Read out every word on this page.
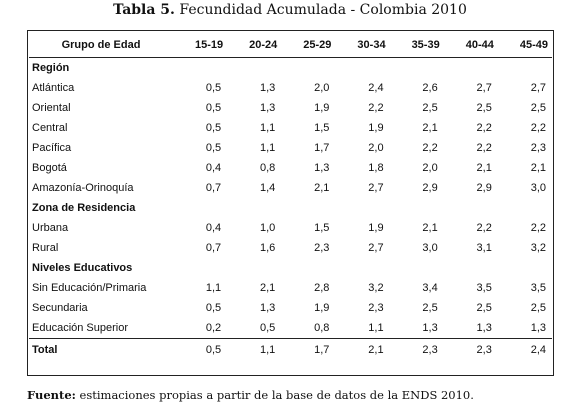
Tabla 5. Fecundidad Acumulada - Colombia 2010
Grupo de Edad	15-19	20-24	25-29	30-34	35-39	40-44	45-49
Región							
Atlántica	0,5	1,3	2,0	2,4	2,6	2,7	2,7
Oriental	0,5	1,3	1,9	2,2	2,5	2,5	2,5
Central	0,5	1,1	1,5	1,9	2,1	2,2	2,2
Pacífica	0,5	1,1	1,7	2,0	2,2	2,2	2,3
Bogotá	0,4	0,8	1,3	1,8	2,0	2,1	2,1
Amazonía-Orinoquía	0,7	1,4	2,1	2,7	2,9	2,9	3,0
Zona de Residencia							
Urbana	0,4	1,0	1,5	1,9	2,1	2,2	2,2
Rural	0,7	1,6	2,3	2,7	3,0	3,1	3,2
Niveles Educativos							
Sin Educación/Primaria	1,1	2,1	2,8	3,2	3,4	3,5	3,5
Secundaria	0,5	1,3	1,9	2,3	2,5	2,5	2,5
Educación Superior	0,2	0,5	0,8	1,1	1,3	1,3	1,3
Total	0,5	1,1	1,7	2,1	2,3	2,3	2,4
Fuente: estimaciones propias a partir de la base de datos de la ENDS 2010.
